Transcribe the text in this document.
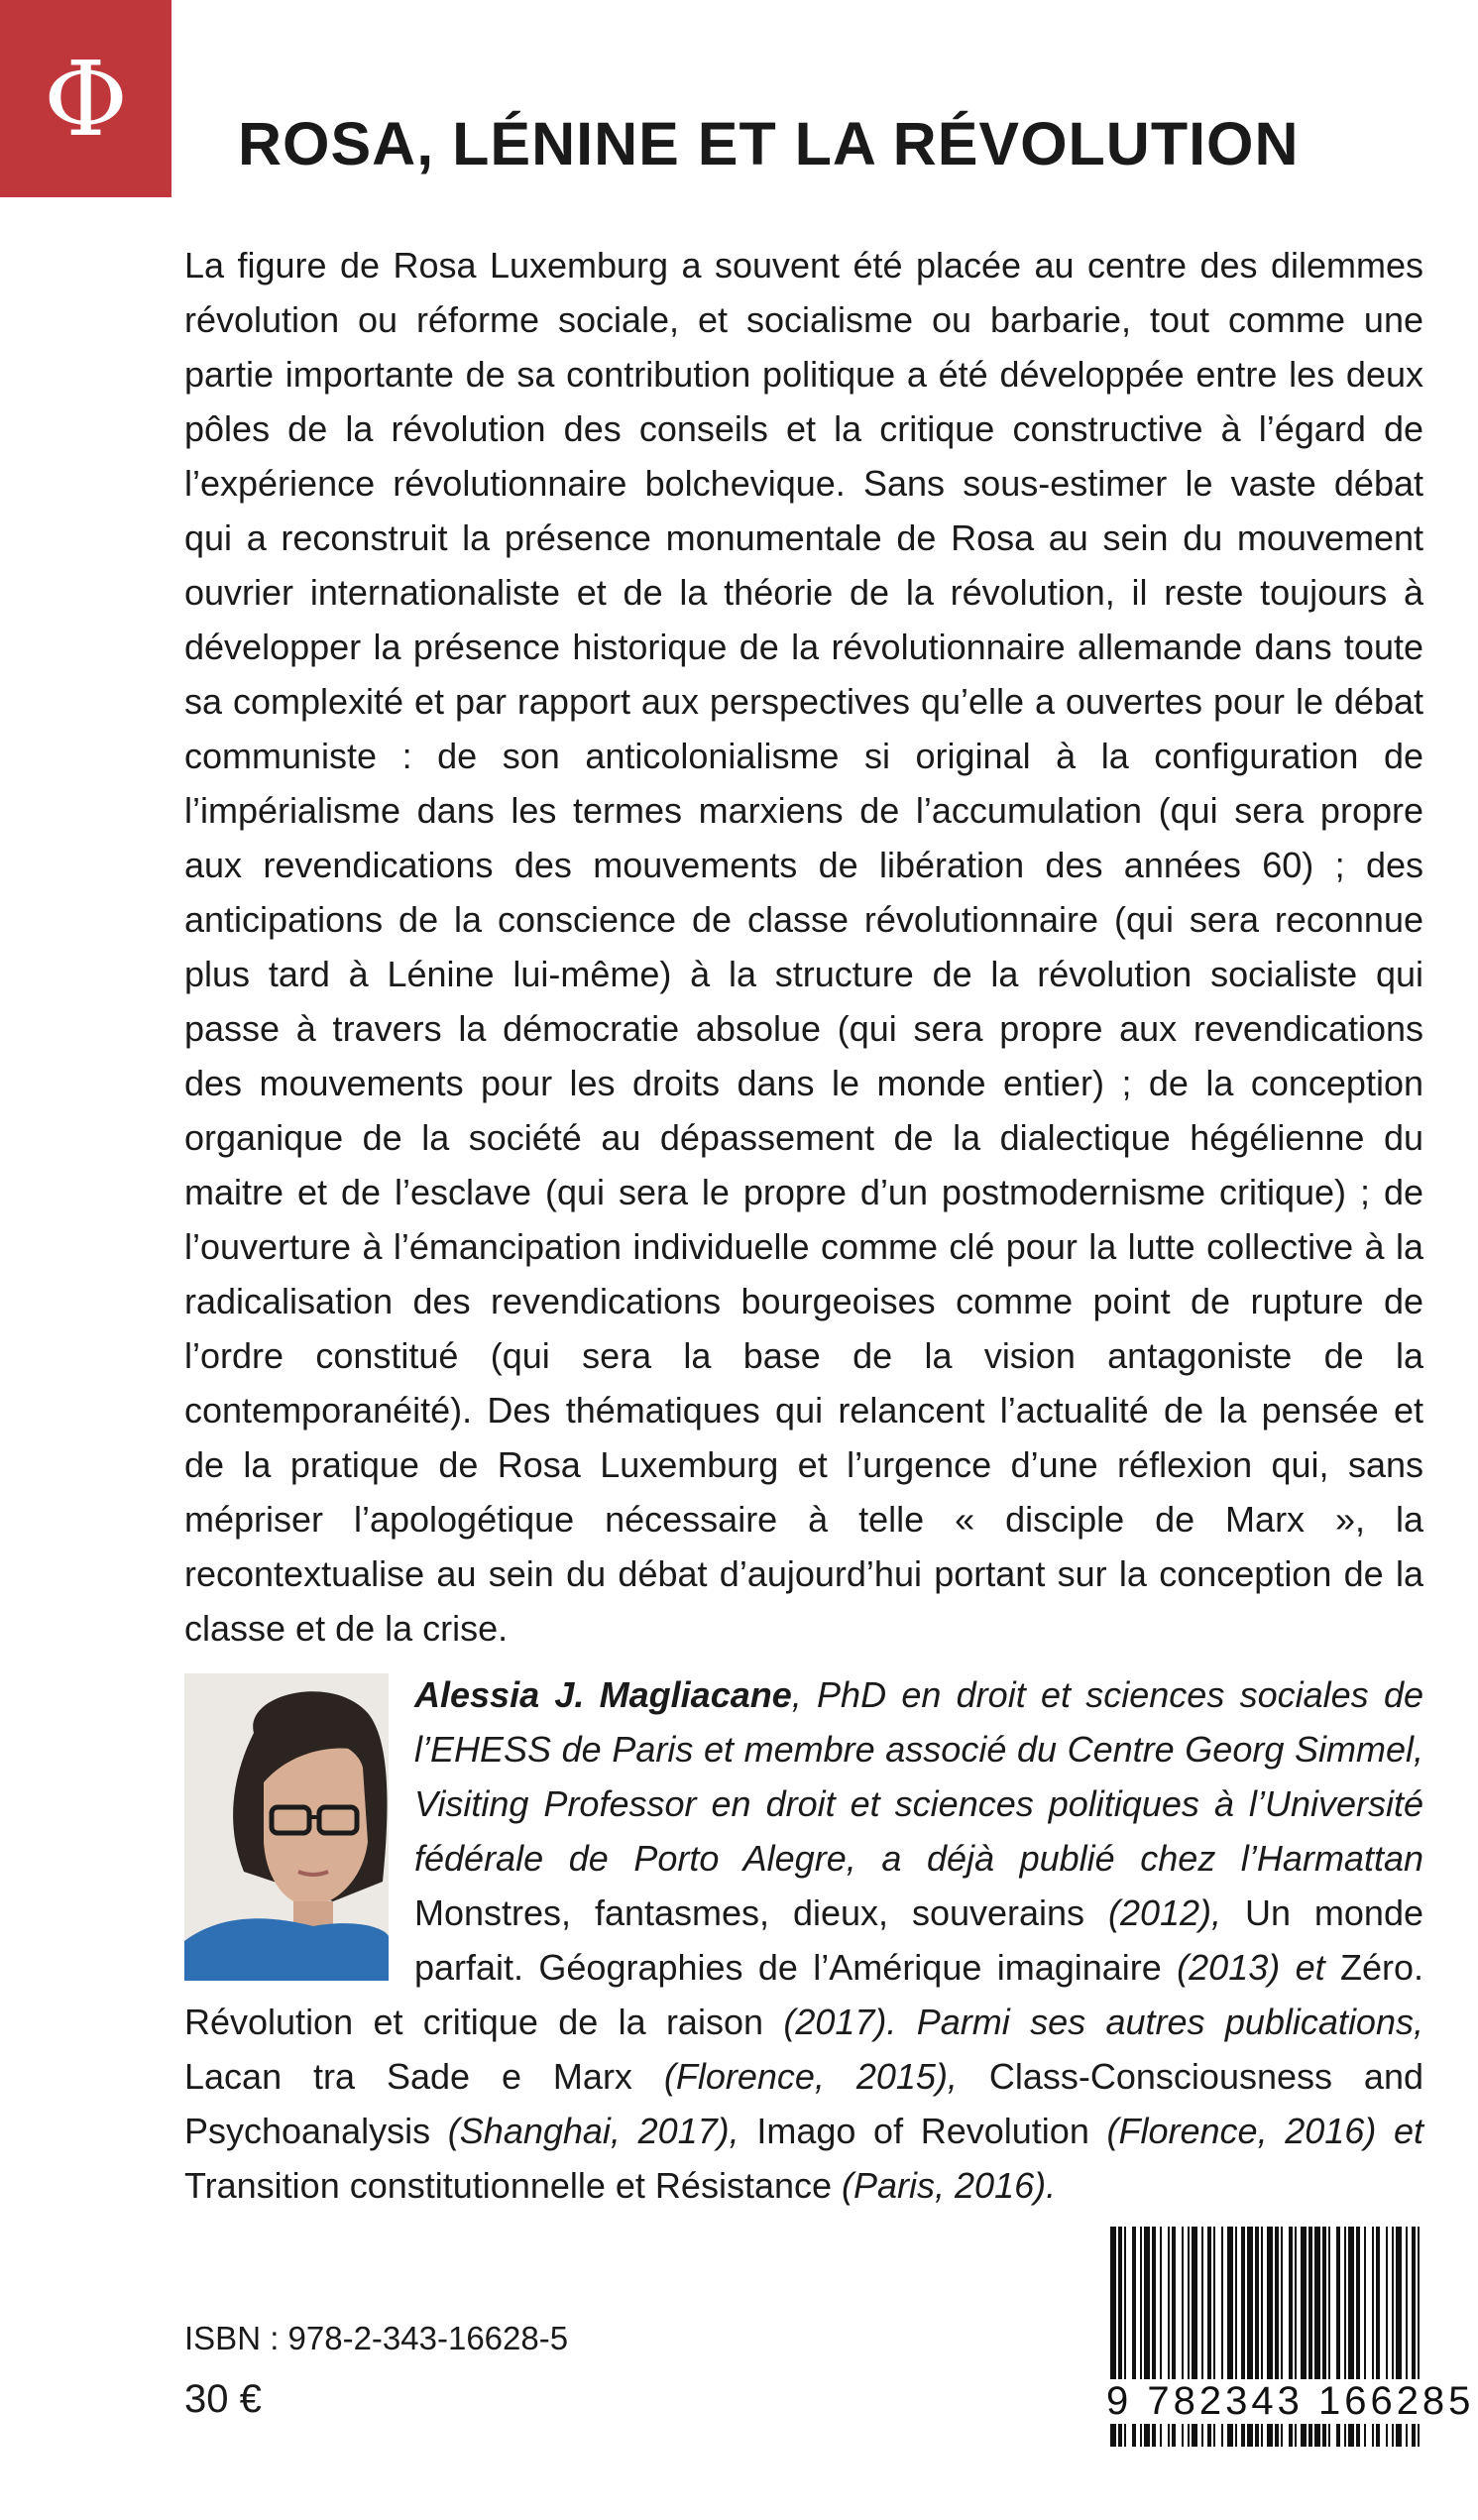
Φ ROSA, LÉNINE ET LA RÉVOLUTION

La figure de Rosa Luxemburg a souvent été placée au centre des dilemmes révolution ou réforme sociale, et socialisme ou barbarie, tout comme une partie importante de sa contribution politique a été développée entre les deux pôles de la révolution des conseils et la critique constructive à l’égard de l’expérience révolutionnaire bolchevique. Sans sous-estimer le vaste débat qui a reconstruit la présence monumentale de Rosa au sein du mouvement ouvrier internationaliste et de la théorie de la révolution, il reste toujours à développer la présence historique de la révolutionnaire allemande dans toute sa complexité et par rapport aux perspectives qu’elle a ouvertes pour le débat communiste : de son anticolonialisme si original à la configuration de l’impérialisme dans les termes marxiens de l’accumulation (qui sera propre aux revendications des mouvements de libération des années 60) ; des anticipations de la conscience de classe révolutionnaire (qui sera reconnue plus tard à Lénine lui-même) à la structure de la révolution socialiste qui passe à travers la démocratie absolue (qui sera propre aux revendications des mouvements pour les droits dans le monde entier) ; de la conception organique de la société au dépassement de la dialectique hégélienne du maitre et de l’esclave (qui sera le propre d’un postmodernisme critique) ; de l’ouverture à l’émancipation individuelle comme clé pour la lutte collective à la radicalisation des revendications bourgeoises comme point de rupture de l’ordre constitué (qui sera la base de la vision antagoniste de la contemporanéité). Des thématiques qui relancent l’actualité de la pensée et de la pratique de Rosa Luxemburg et l’urgence d’une réflexion qui, sans mépriser l’apologétique nécessaire à telle « disciple de Marx », la recontextualise au sein du débat d’aujourd’hui portant sur la conception de la classe et de la crise.

Alessia J. Magliacane, PhD en droit et sciences sociales de l’EHESS de Paris et membre associé du Centre Georg Simmel, Visiting Professor en droit et sciences politiques à l’Université fédérale de Porto Alegre, a déjà publié chez l’Harmattan Monstres, fantasmes, dieux, souverains (2012), Un monde parfait. Géographies de l’Amérique imaginaire (2013) et Zéro. Révolution et critique de la raison (2017). Parmi ses autres publications, Lacan tra Sade e Marx (Florence, 2015), Class-Consciousness and Psychoanalysis (Shanghai, 2017), Imago of Revolution (Florence, 2016) et Transition constitutionnelle et Résistance (Paris, 2016).

ISBN : 978-2-343-16628-5
30 €	9 782343 166285
